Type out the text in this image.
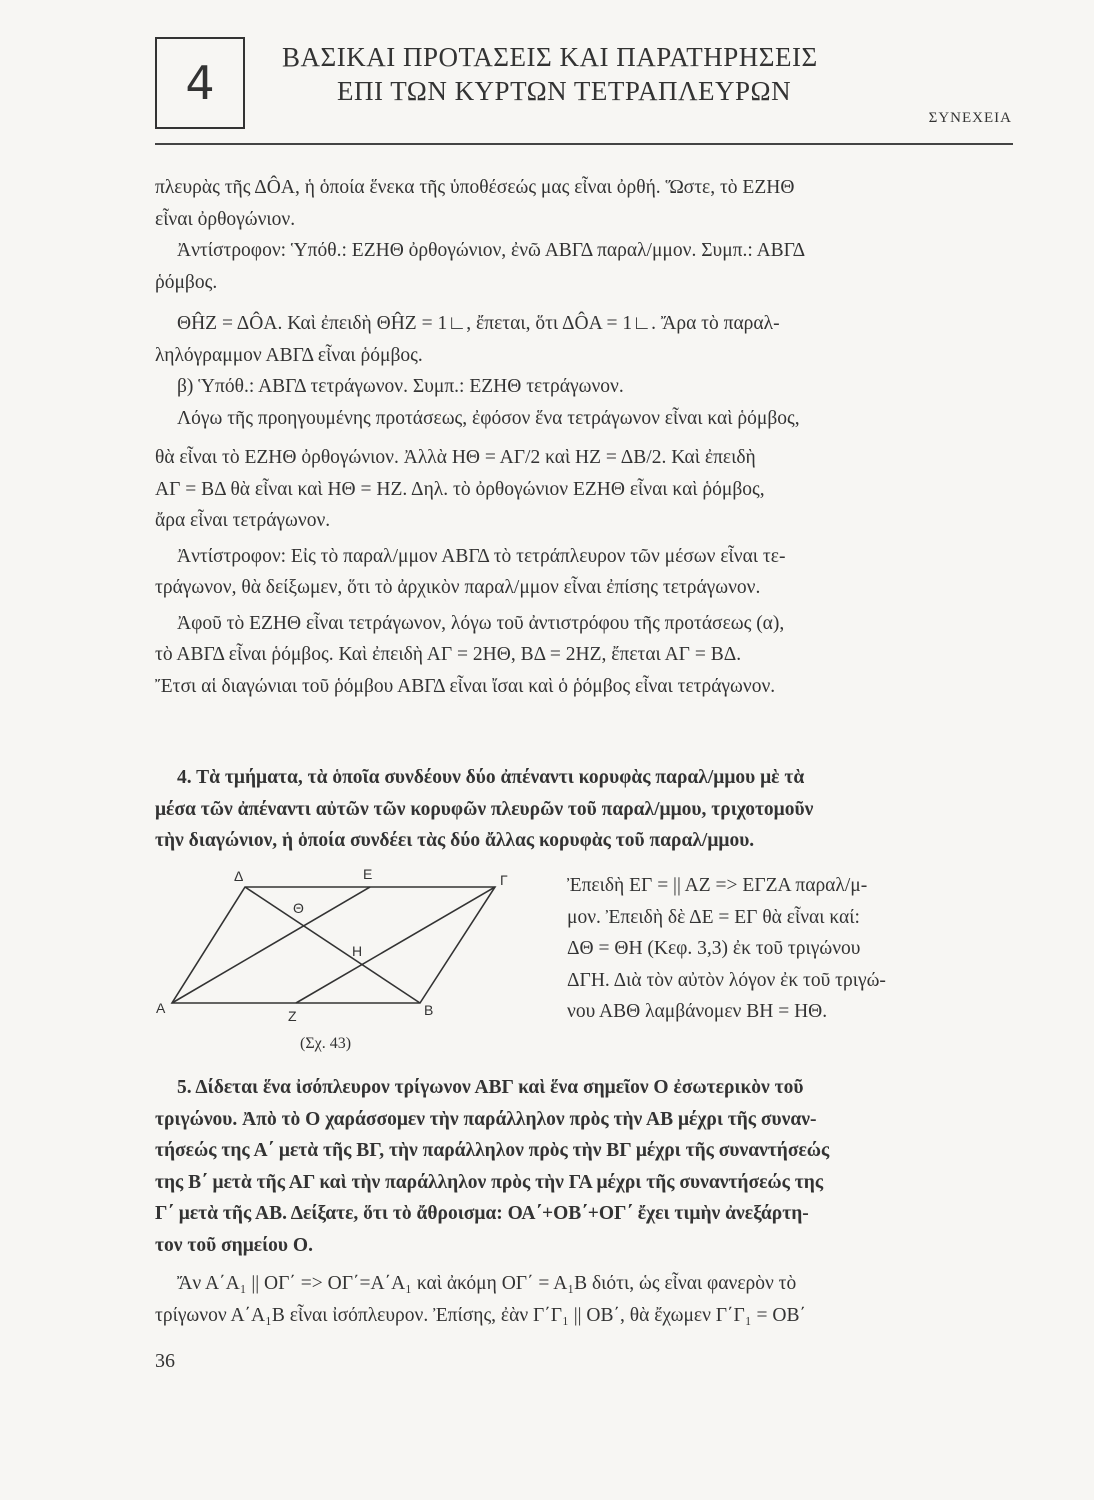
4 ΒΑΣΙΚΑΙ ΠΡΟΤΑΣΕΙΣ ΚΑΙ ΠΑΡΑΤΗΡΗΣΕΙΣ
ΕΠΙ ΤΩΝ ΚΥΡΤΩΝ ΤΕΤΡΑΠΛΕΥΡΩΝ
ΣΥΝΕΧΕΙΑ
πλευρὰς τῆς ΔÔΑ, ἡ ὁποία ἕνεκα τῆς ὑποθέσεώς μας εἶναι ὀρθή. Ὥστε, τὸ ΕΖΗΘ
εἶναι ὀρθογώνιον.
Ἀντίστροφον: Ὑπόθ.: ΕΖΗΘ ὀρθογώνιον, ἐνῶ ΑΒΓΔ παραλ/μμον. Συμπ.: ΑΒΓΔ
ῥόμβος.
ΘĤΖ = ΔÔΑ. Καὶ ἐπειδὴ ΘĤΖ = 1∟, ἔπεται, ὅτι ΔÔΑ = 1∟. Ἄρα τὸ παραλ-
ληλόγραμμον ΑΒΓΔ εἶναι ῥόμβος.
β) Ὑπόθ.: ΑΒΓΔ τετράγωνον. Συμπ.: ΕΖΗΘ τετράγωνον.
Λόγω τῆς προηγουμένης προτάσεως, ἐφόσον ἕνα τετράγωνον εἶναι καὶ ῥόμβος,
θὰ εἶναι τὸ ΕΖΗΘ ὀρθογώνιον. Ἀλλὰ ΗΘ = ΑΓ/2 καὶ ΗΖ = ΔΒ/2. Καὶ ἐπειδὴ
ΑΓ = ΒΔ θὰ εἶναι καὶ ΗΘ = ΗΖ. Δηλ. τὸ ὀρθογώνιον ΕΖΗΘ εἶναι καὶ ῥόμβος,
ἄρα εἶναι τετράγωνον.
Ἀντίστροφον: Εἰς τὸ παραλ/μμον ΑΒΓΔ τὸ τετράπλευρον τῶν μέσων εἶναι τε-
τράγωνον, θὰ δείξωμεν, ὅτι τὸ ἀρχικὸν παραλ/μμον εἶναι ἐπίσης τετράγωνον.
Ἀφοῦ τὸ ΕΖΗΘ εἶναι τετράγωνον, λόγω τοῦ ἀντιστρόφου τῆς προτάσεως (α),
τὸ ΑΒΓΔ εἶναι ῥόμβος. Καὶ ἐπειδὴ ΑΓ = 2ΗΘ, ΒΔ = 2ΗΖ, ἔπεται ΑΓ = ΒΔ.
Ἔτσι αἱ διαγώνιαι τοῦ ῥόμβου ΑΒΓΔ εἶναι ἴσαι καὶ ὁ ῥόμβος εἶναι τετράγωνον.
4. Τὰ τμήματα, τὰ ὁποῖα συνδέουν δύο ἀπέναντι κορυφὰς παραλ/μμου μὲ τὰ
μέσα τῶν ἀπέναντι αὐτῶν τῶν κορυφῶν πλευρῶν τοῦ παραλ/μμου, τριχοτομοῦν
τὴν διαγώνιον, ἡ ὁποία συνδέει τὰς δύο ἄλλας κορυφὰς τοῦ παραλ/μμου.
Α	Β
Γ
Δ	Ε
Ζ
Η
Θ
(Σχ. 43)
Ἐπειδὴ ΕΓ = || ΑΖ => ΕΓΖΑ παραλ/μ-
μον. Ἐπειδὴ δὲ ΔΕ = ΕΓ θὰ εἶναι καί:
ΔΘ = ΘΗ (Κεφ. 3,3) ἐκ τοῦ τριγώνου
ΔΓΗ. Διὰ τὸν αὐτὸν λόγον ἐκ τοῦ τριγώ-
νου ΑΒΘ λαμβάνομεν ΒΗ = ΗΘ.
5. Δίδεται ἕνα ἰσόπλευρον τρίγωνον ΑΒΓ καὶ ἕνα σημεῖον Ο ἐσωτερικὸν τοῦ
τριγώνου. Ἀπὸ τὸ Ο χαράσσομεν τὴν παράλληλον πρὸς τὴν ΑΒ μέχρι τῆς συναν-
τήσεώς της Α΄ μετὰ τῆς ΒΓ, τὴν παράλληλον πρὸς τὴν ΒΓ μέχρι τῆς συναντήσεώς
της Β΄ μετὰ τῆς ΑΓ καὶ τὴν παράλληλον πρὸς τὴν ΓΑ μέχρι τῆς συναντήσεώς της
Γ΄ μετὰ τῆς ΑΒ. Δείξατε, ὅτι τὸ ἄθροισμα: ΟΑ΄+ΟΒ΄+ΟΓ΄ ἔχει τιμὴν ἀνεξάρτη-
τον τοῦ σημείου Ο.
Ἄν Α΄Α₁ || ΟΓ΄ => ΟΓ΄=Α΄Α₁ καὶ ἀκόμη ΟΓ΄ = Α₁Β διότι, ὡς εἶναι φανερὸν τὸ
τρίγωνον Α΄Α₁Β εἶναι ἰσόπλευρον. Ἐπίσης, ἐὰν Γ΄Γ₁ || ΟΒ΄, θὰ ἔχωμεν Γ΄Γ₁ = ΟΒ΄
36
